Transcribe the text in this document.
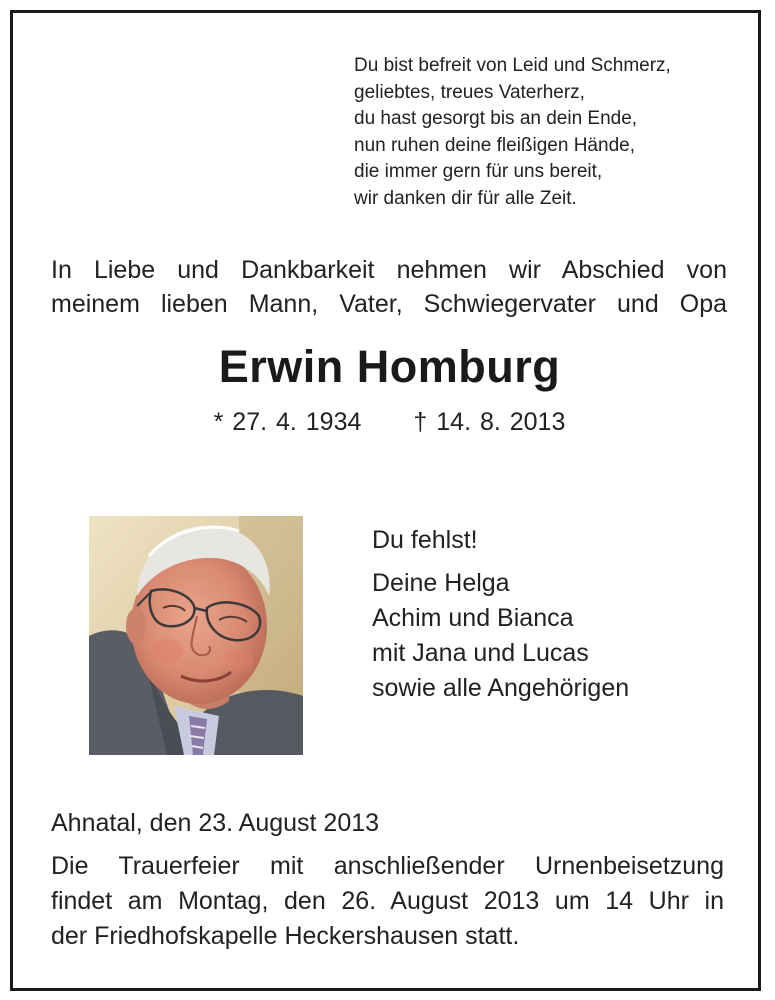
Du bist befreit von Leid und Schmerz,
geliebtes, treues Vaterherz,
du hast gesorgt bis an dein Ende,
nun ruhen deine fleißigen Hände,
die immer gern für uns bereit,
wir danken dir für alle Zeit.
In Liebe und Dankbarkeit nehmen wir Abschied von
meinem lieben Mann, Vater, Schwiegervater und Opa
Erwin Homburg
* 27. 4. 1934 † 14. 8. 2013
Du fehlst!
Deine Helga
Achim und Bianca
mit Jana und Lucas
sowie alle Angehörigen
Ahnatal, den 23. August 2013
Die Trauerfeier mit anschließender Urnenbeisetzung
findet am Montag, den 26. August 2013 um 14 Uhr in
der Friedhofskapelle Heckershausen statt.
